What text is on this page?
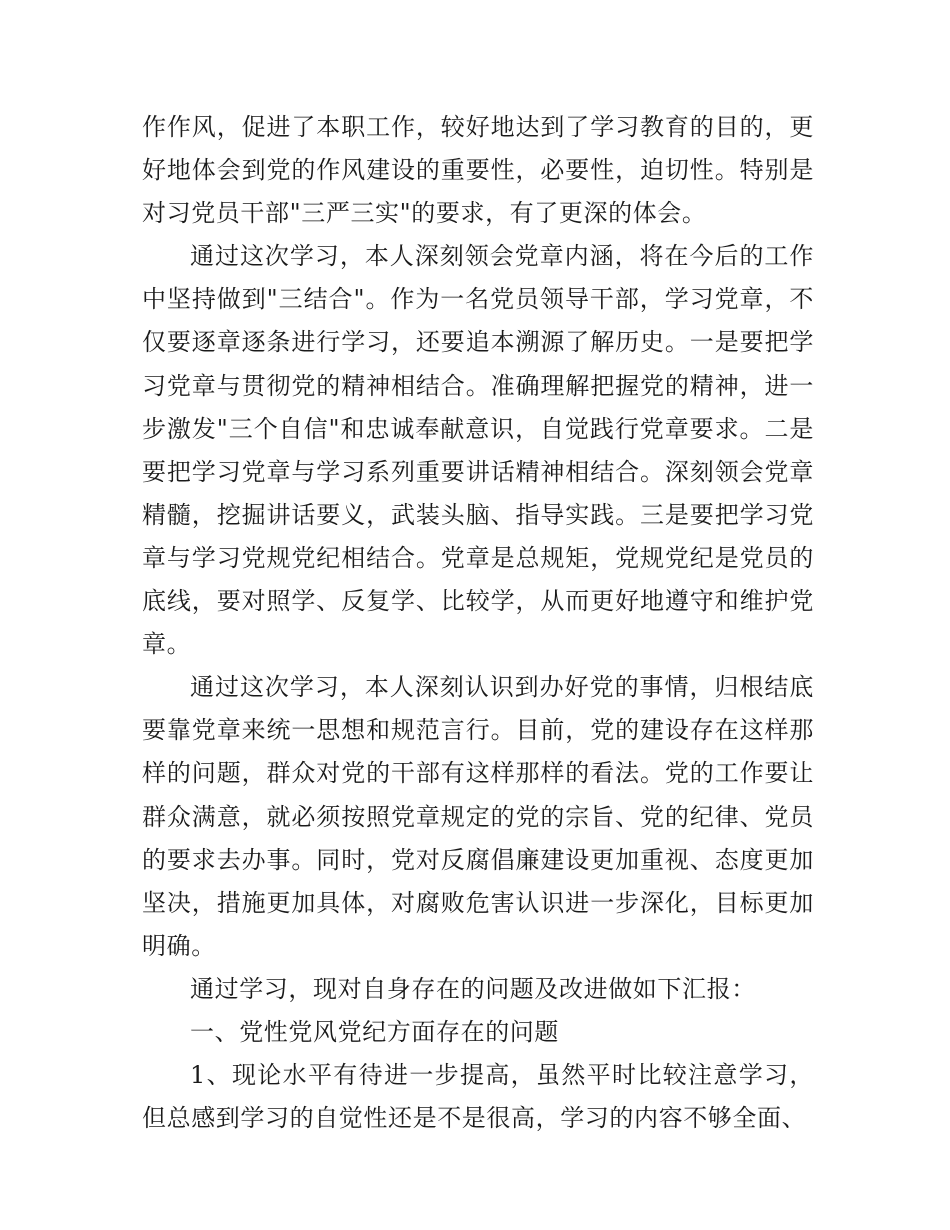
作作风，促进了本职工作，较好地达到了学习教育的目的，更好地体会到党的作风建设的重要性，必要性，迫切性。特别是对习党员干部"三严三实"的要求，有了更深的体会。

通过这次学习，本人深刻领会党章内涵，将在今后的工作中坚持做到"三结合"。作为一名党员领导干部，学习党章，不仅要逐章逐条进行学习，还要追本溯源了解历史。一是要把学习党章与贯彻党的精神相结合。准确理解把握党的精神，进一步激发"三个自信"和忠诚奉献意识，自觉践行党章要求。二是要把学习党章与学习系列重要讲话精神相结合。深刻领会党章精髓，挖掘讲话要义，武装头脑、指导实践。三是要把学习党章与学习党规党纪相结合。党章是总规矩，党规党纪是党员的底线，要对照学、反复学、比较学，从而更好地遵守和维护党章。

通过这次学习，本人深刻认识到办好党的事情，归根结底要靠党章来统一思想和规范言行。目前，党的建设存在这样那样的问题，群众对党的干部有这样那样的看法。党的工作要让群众满意，就必须按照党章规定的党的宗旨、党的纪律、党员的要求去办事。同时，党对反腐倡廉建设更加重视、态度更加坚决，措施更加具体，对腐败危害认识进一步深化，目标更加明确。

通过学习，现对自身存在的问题及改进做如下汇报：

一、党性党风党纪方面存在的问题

1、现论水平有待进一步提高，虽然平时比较注意学习，但总感到学习的自觉性还是不是很高，学习的内容不够全面、
